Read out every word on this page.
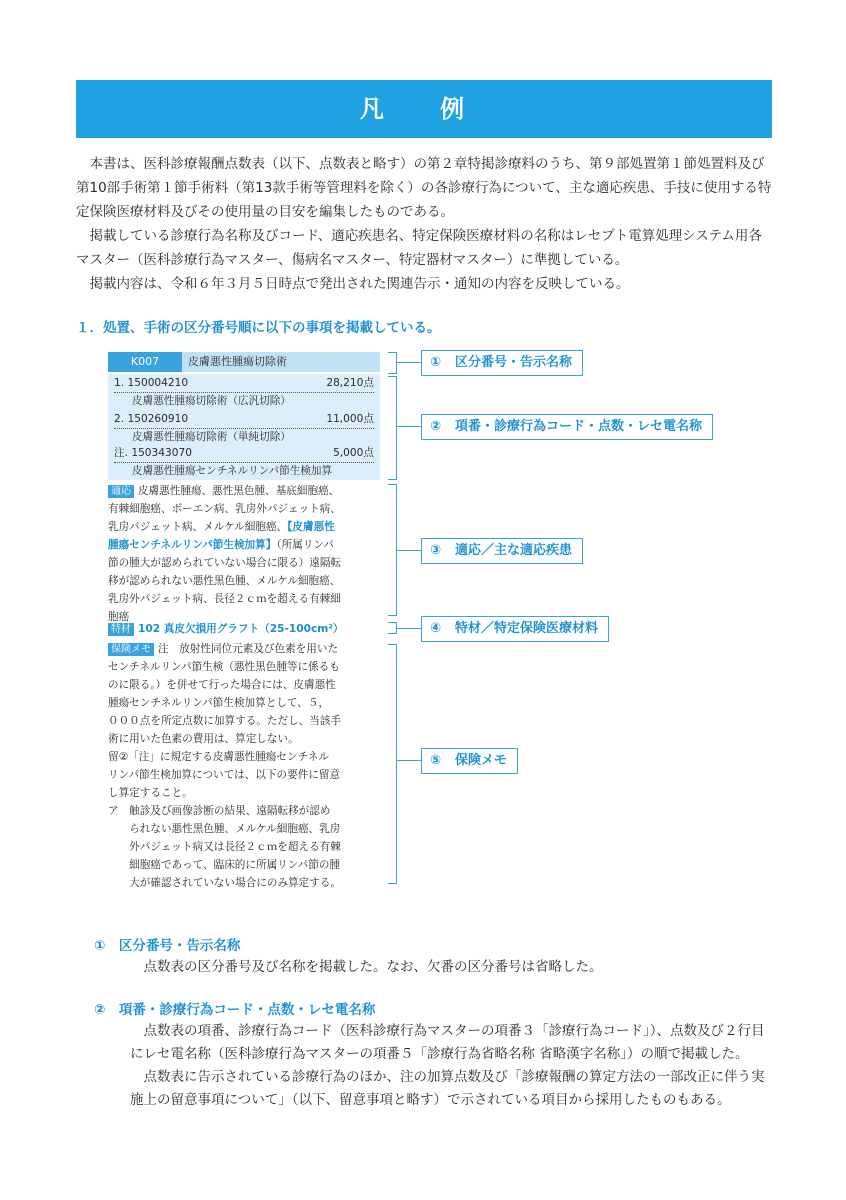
凡 例

本書は、医科診療報酬点数表（以下、点数表と略す）の第２章特掲診療料のうち、第９部処置第１節処置料及び第10部手術第１節手術料（第13款手術等管理料を除く）の各診療行為について、主な適応疾患、手技に使用する特定保険医療材料及びその使用量の目安を編集したものである。

掲載している診療行為名称及びコード、適応疾患名、特定保険医療材料の名称はレセプト電算処理システム用各マスター（医科診療行為マスター、傷病名マスター、特定器材マスター）に準拠している。

掲載内容は、令和６年３月５日時点で発出された関連告示・通知の内容を反映している。

１．処置、手術の区分番号順に以下の事項を掲載している。
K007	皮膚悪性腫瘍切除術
1. 150004210	28,210点
皮膚悪性腫瘍切除術（広汎切除）
2. 150260910	11,000点
皮膚悪性腫瘍切除術（単純切除）
注. 150343070	5,000点
皮膚悪性腫瘍センチネルリンパ節生検加算
適応 皮膚悪性腫瘍、悪性黒色腫、基底細胞癌、
有棘細胞癌、ボーエン病、乳房外パジェット病、
乳房パジェット病、メルケル細胞癌、【皮膚悪性
腫瘍センチネルリンパ節生検加算】（所属リンパ
節の腫大が認められていない場合に限る）遠隔転
移が認められない悪性黒色腫、メルケル細胞癌、
乳房外パジェット病、長径２ｃｍを超える有棘細
胞癌
特材 102 真皮欠損用グラフト（25-100cm²）
保険メモ 注　放射性同位元素及び色素を用いた
センチネルリンパ節生検（悪性黒色腫等に係るも
のに限る。）を併せて行った場合には、皮膚悪性
腫瘍センチネルリンパ節生検加算として、５，
０００点を所定点数に加算する。ただし、当該手
術に用いた色素の費用は、算定しない。
留②「注」に規定する皮膚悪性腫瘍センチネル
リンパ節生検加算については、以下の要件に留意
し算定すること。
ア　触診及び画像診断の結果、遠隔転移が認め
　　られない悪性黒色腫、メルケル細胞癌、乳房
　　外パジェット病又は長径２ｃｍを超える有棘
　　細胞癌であって、臨床的に所属リンパ節の腫
　　大が確認されていない場合にのみ算定する。
① 区分番号・告示名称
② 項番・診療行為コード・点数・レセ電名称
③ 適応／主な適応疾患
④ 特材／特定保険医療材料
⑤ 保険メモ
①　区分番号・告示名称

点数表の区分番号及び名称を掲載した。なお、欠番の区分番号は省略した。

②　項番・診療行為コード・点数・レセ電名称

点数表の項番、診療行為コード（医科診療行為マスターの項番３「診療行為コード」）、点数及び２行目にレセ電名称（医科診療行為マスターの項番５「診療行為省略名称 省略漢字名称」）の順で掲載した。

点数表に告示されている診療行為のほか、注の加算点数及び「診療報酬の算定方法の一部改正に伴う実施上の留意事項について」（以下、留意事項と略す）で示されている項目から採用したものもある。
